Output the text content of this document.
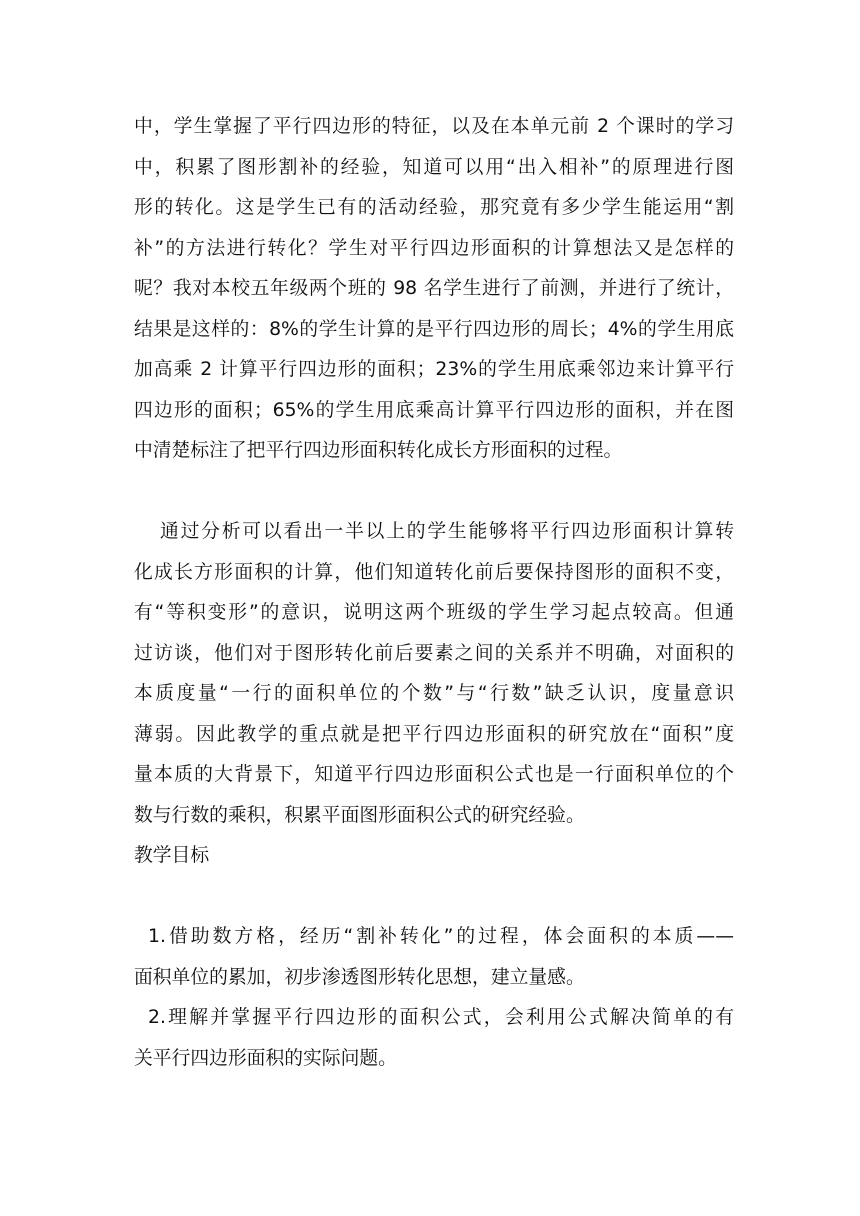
中，学生掌握了平行四边形的特征，以及在本单元前 2 个课时的学习
中，积累了图形割补的经验，知道可以用“出入相补”的原理进行图
形的转化。这是学生已有的活动经验，那究竟有多少学生能运用“割
补”的方法进行转化？学生对平行四边形面积的计算想法又是怎样的
呢？我对本校五年级两个班的 98 名学生进行了前测，并进行了统计，
结果是这样的：8%的学生计算的是平行四边形的周长；4%的学生用底
加高乘 2 计算平行四边形的面积；23%的学生用底乘邻边来计算平行
四边形的面积；65%的学生用底乘高计算平行四边形的面积，并在图
中清楚标注了把平行四边形面积转化成长方形面积的过程。
通过分析可以看出一半以上的学生能够将平行四边形面积计算转
化成长方形面积的计算，他们知道转化前后要保持图形的面积不变，
有“等积变形”的意识，说明这两个班级的学生学习起点较高。但通
过访谈，他们对于图形转化前后要素之间的关系并不明确，对面积的
本质度量“一行的面积单位的个数”与“行数”缺乏认识，度量意识
薄弱。因此教学的重点就是把平行四边形面积的研究放在“面积”度
量本质的大背景下，知道平行四边形面积公式也是一行面积单位的个
数与行数的乘积，积累平面图形面积公式的研究经验。
教学目标
1.借助数方格，经历“割补转化”的过程，体会面积的本质——
面积单位的累加，初步渗透图形转化思想，建立量感。
2.理解并掌握平行四边形的面积公式，会利用公式解决简单的有
关平行四边形面积的实际问题。
